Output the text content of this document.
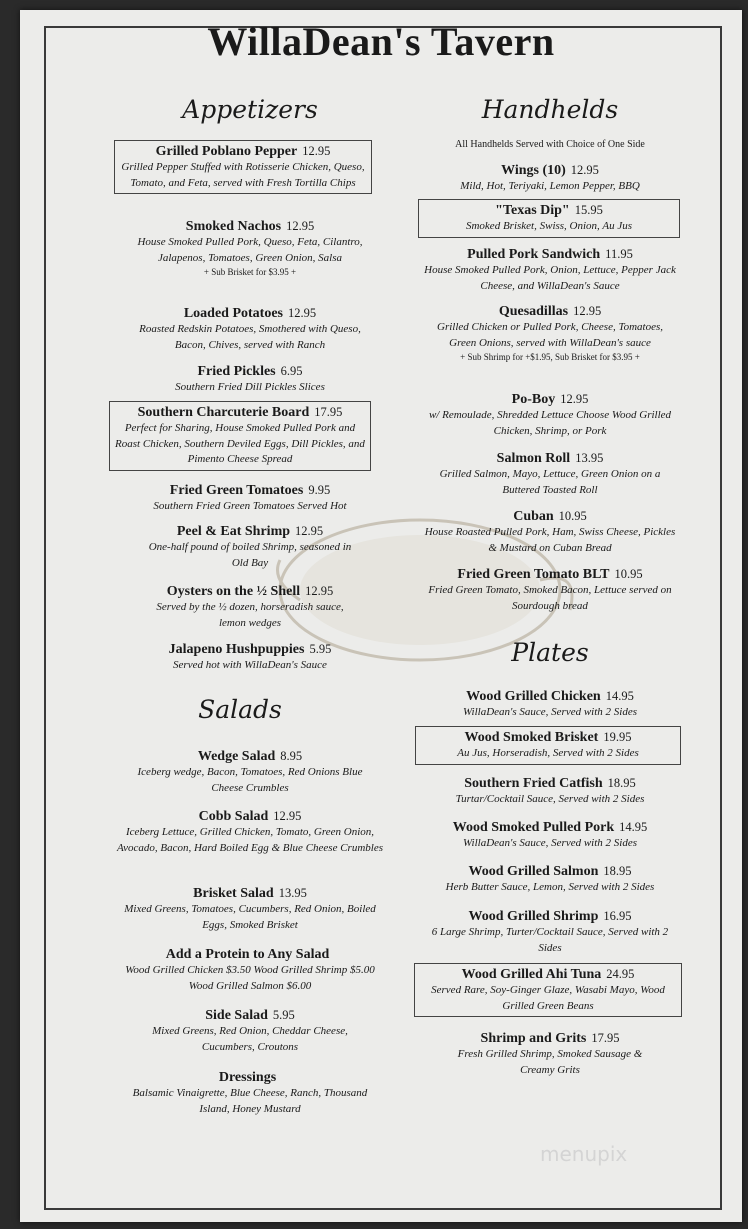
WillaDean's Tavern
Appetizers
Grilled Poblano Pepper 12.95
Grilled Pepper Stuffed with Rotisserie Chicken, Queso, Tomato, and Feta, served with Fresh Tortilla Chips
Smoked Nachos 12.95
House Smoked Pulled Pork, Queso, Feta, Cilantro, Jalapenos, Tomatoes, Green Onion, Salsa
+ Sub Brisket for $3.95 +
Loaded Potatoes 12.95
Roasted Redskin Potatoes, Smothered with Queso, Bacon, Chives, served with Ranch
Fried Pickles 6.95
Southern Fried Dill Pickles Slices
Southern Charcuterie Board 17.95
Perfect for Sharing, House Smoked Pulled Pork and Roast Chicken, Southern Deviled Eggs, Dill Pickles, and Pimento Cheese Spread
Fried Green Tomatoes 9.95
Southern Fried Green Tomatoes Served Hot
Peel & Eat Shrimp 12.95
One-half pound of boiled Shrimp, seasoned in Old Bay
Oysters on the ½ Shell 12.95
Served by the ½ dozen, horseradish sauce, lemon wedges
Jalapeno Hushpuppies 5.95
Served hot with WillaDean's Sauce
Salads
Wedge Salad 8.95
Iceberg wedge, Bacon, Tomatoes, Red Onions Blue Cheese Crumbles
Cobb Salad 12.95
Iceberg Lettuce, Grilled Chicken, Tomato, Green Onion, Avocado, Bacon, Hard Boiled Egg & Blue Cheese Crumbles
Brisket Salad 13.95
Mixed Greens, Tomatoes, Cucumbers, Red Onion, Boiled Eggs, Smoked Brisket
Add a Protein to Any Salad
Wood Grilled Chicken $3.50 Wood Grilled Shrimp $5.00 Wood Grilled Salmon $6.00
Side Salad 5.95
Mixed Greens, Red Onion, Cheddar Cheese, Cucumbers, Croutons
Dressings
Balsamic Vinaigrette, Blue Cheese, Ranch, Thousand Island, Honey Mustard
Handhelds
All Handhelds Served with Choice of One Side
Wings (10) 12.95
Mild, Hot, Teriyaki, Lemon Pepper, BBQ
"Texas Dip" 15.95
Smoked Brisket, Swiss, Onion, Au Jus
Pulled Pork Sandwich 11.95
House Smoked Pulled Pork, Onion, Lettuce, Pepper Jack Cheese, and WillaDean's Sauce
Quesadillas 12.95
Grilled Chicken or Pulled Pork, Cheese, Tomatoes, Green Onions, served with WillaDean's sauce
+ Sub Shrimp for +$1.95, Sub Brisket for $3.95 +
Po-Boy 12.95
w/ Remoulade, Shredded Lettuce Choose Wood Grilled Chicken, Shrimp, or Pork
Salmon Roll 13.95
Grilled Salmon, Mayo, Lettuce, Green Onion on a Buttered Toasted Roll
Cuban 10.95
House Roasted Pulled Pork, Ham, Swiss Cheese, Pickles & Mustard on Cuban Bread
Fried Green Tomato BLT 10.95
Fried Green Tomato, Smoked Bacon, Lettuce served on Sourdough bread
Plates
Wood Grilled Chicken 14.95
WillaDean's Sauce, Served with 2 Sides
Wood Smoked Brisket 19.95
Au Jus, Horseradish, Served with 2 Sides
Southern Fried Catfish 18.95
Turtar/Cocktail Sauce, Served with 2 Sides
Wood Smoked Pulled Pork 14.95
WillaDean's Sauce, Served with 2 Sides
Wood Grilled Salmon 18.95
Herb Butter Sauce, Lemon, Served with 2 Sides
Wood Grilled Shrimp 16.95
6 Large Shrimp, Turter/Cocktail Sauce, Served with 2 Sides
Wood Grilled Ahi Tuna 24.95
Served Rare, Soy-Ginger Glaze, Wasabi Mayo, Wood Grilled Green Beans
Shrimp and Grits 17.95
Fresh Grilled Shrimp, Smoked Sausage & Creamy Grits
menupix
